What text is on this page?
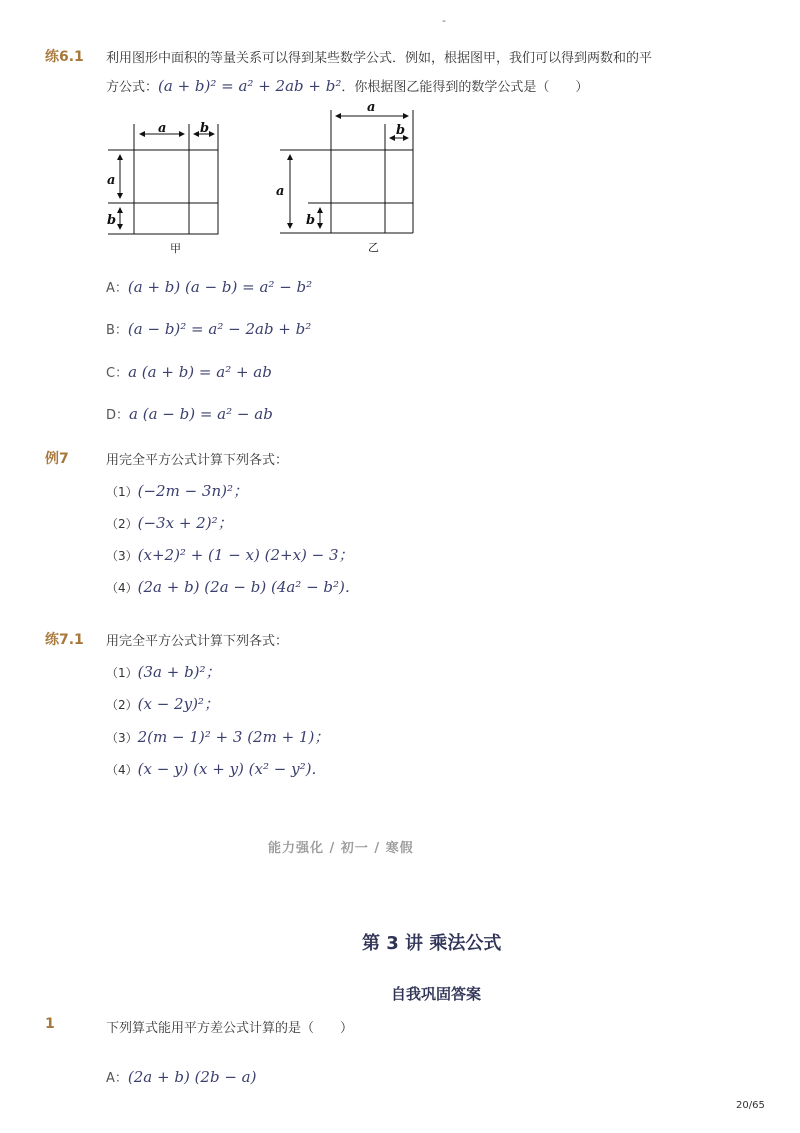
-
练6.1 利用图形中面积的等量关系可以得到某些数学公式．例如，根据图甲，我们可以得到两数和的平
方公式：(a + b)² = a² + 2ab + b²．你根据图乙能得到的数学公式是（　　）
a	b
a
b
甲
a
b
a
b
乙
A：(a + b) (a − b) = a² − b²
B：(a − b)² = a² − 2ab + b²
C：a (a + b) = a² + ab
D：a (a − b) = a² − ab
例7	用完全平方公式计算下列各式：
（1）(−2m − 3n)²；
（2）(−3x + 2)²；
（3）(x+2)² + (1 − x) (2+x) − 3；
（4）(2a + b) (2a − b) (4a² − b²)．
练7.1 用完全平方公式计算下列各式：
（1）(3a + b)²；
（2）(x − 2y)²；
（3）2(m − 1)² + 3 (2m + 1)；
（4）(x − y) (x + y) (x² − y²)．
能力强化 / 初一 / 寒假
第 3 讲 乘法公式
自我巩固答案
1	下列算式能用平方差公式计算的是（　　）
A：(2a + b) (2b − a)
20/65
